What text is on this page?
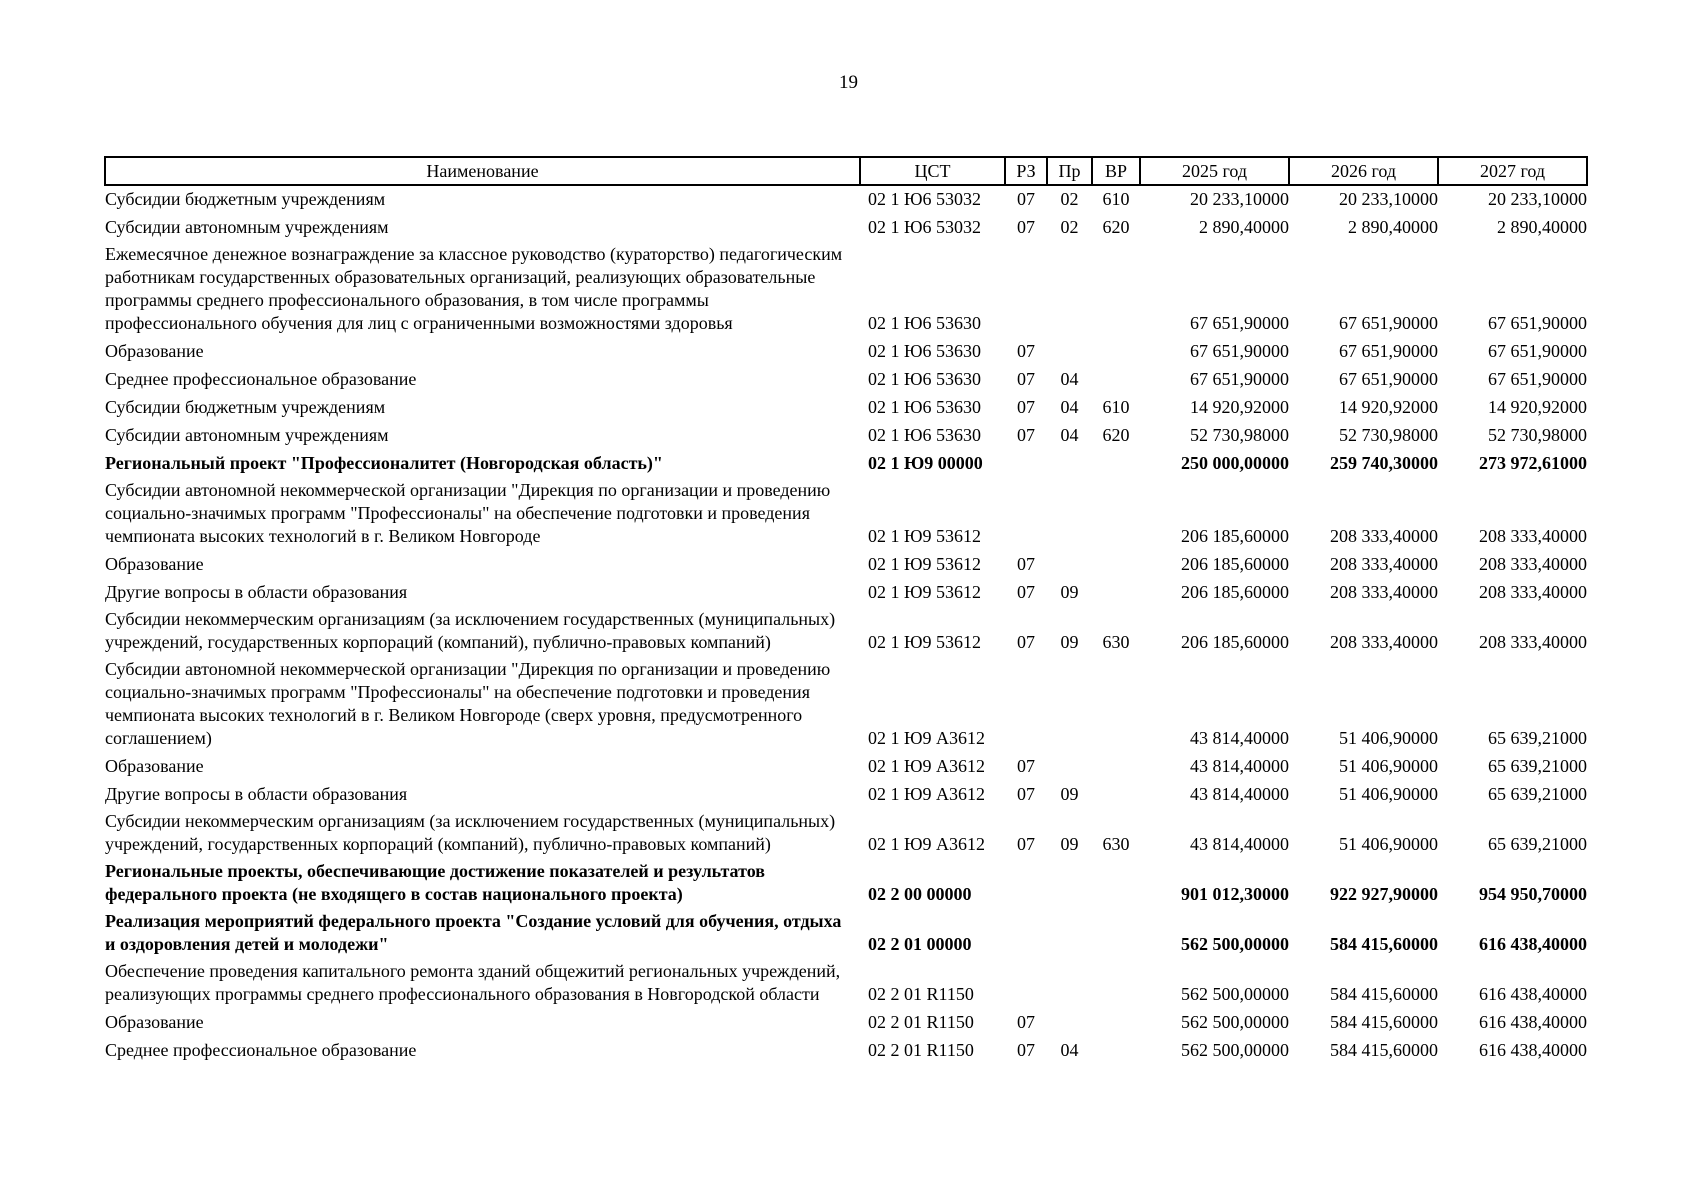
19
Наименование	ЦСТ	РЗ	Пр	ВР	2025 год	2026 год	2027 год
Субсидии бюджетным учреждениям	02 1 Ю6 53032	07	02	610	20 233,10000	20 233,10000	20 233,10000
Субсидии автономным учреждениям	02 1 Ю6 53032	07	02	620	2 890,40000	2 890,40000	2 890,40000
Ежемесячное денежное вознаграждение за классное руководство (кураторство) педагогическим работникам государственных образовательных организаций, реализующих образовательные программы среднего профессионального образования, в том числе программы профессионального обучения для лиц с ограниченными возможностями здоровья	02 1 Ю6 53630				67 651,90000	67 651,90000	67 651,90000
Образование	02 1 Ю6 53630	07			67 651,90000	67 651,90000	67 651,90000
Среднее профессиональное образование	02 1 Ю6 53630	07	04		67 651,90000	67 651,90000	67 651,90000
Субсидии бюджетным учреждениям	02 1 Ю6 53630	07	04	610	14 920,92000	14 920,92000	14 920,92000
Субсидии автономным учреждениям	02 1 Ю6 53630	07	04	620	52 730,98000	52 730,98000	52 730,98000
Региональный проект "Профессионалитет (Новгородская область)"	02 1 Ю9 00000				250 000,00000	259 740,30000	273 972,61000
Субсидии автономной некоммерческой организации "Дирекция по организации и проведению социально-значимых программ "Профессионалы" на обеспечение подготовки и проведения чемпионата высоких технологий в г. Великом Новгороде	02 1 Ю9 53612				206 185,60000	208 333,40000	208 333,40000
Образование	02 1 Ю9 53612	07			206 185,60000	208 333,40000	208 333,40000
Другие вопросы в области образования	02 1 Ю9 53612	07	09		206 185,60000	208 333,40000	208 333,40000
Субсидии некоммерческим организациям (за исключением государственных (муниципальных) учреждений, государственных корпораций (компаний), публично-правовых компаний)	02 1 Ю9 53612	07	09	630	206 185,60000	208 333,40000	208 333,40000
Субсидии автономной некоммерческой организации "Дирекция по организации и проведению социально-значимых программ "Профессионалы" на обеспечение подготовки и проведения чемпионата высоких технологий в г. Великом Новгороде (сверх уровня, предусмотренного соглашением)	02 1 Ю9 А3612				43 814,40000	51 406,90000	65 639,21000
Образование	02 1 Ю9 А3612	07			43 814,40000	51 406,90000	65 639,21000
Другие вопросы в области образования	02 1 Ю9 А3612	07	09		43 814,40000	51 406,90000	65 639,21000
Субсидии некоммерческим организациям (за исключением государственных (муниципальных) учреждений, государственных корпораций (компаний), публично-правовых компаний)	02 1 Ю9 А3612	07	09	630	43 814,40000	51 406,90000	65 639,21000
Региональные проекты, обеспечивающие достижение показателей и результатов федерального проекта (не входящего в состав национального проекта)	02 2 00 00000				901 012,30000	922 927,90000	954 950,70000
Реализация мероприятий федерального проекта "Создание условий для обучения, отдыха и оздоровления детей и молодежи"	02 2 01 00000				562 500,00000	584 415,60000	616 438,40000
Обеспечение проведения капитального ремонта зданий общежитий региональных учреждений, реализующих программы среднего профессионального образования в Новгородской области	02 2 01 R1150				562 500,00000	584 415,60000	616 438,40000
Образование	02 2 01 R1150	07			562 500,00000	584 415,60000	616 438,40000
Среднее профессиональное образование	02 2 01 R1150	07	04		562 500,00000	584 415,60000	616 438,40000
